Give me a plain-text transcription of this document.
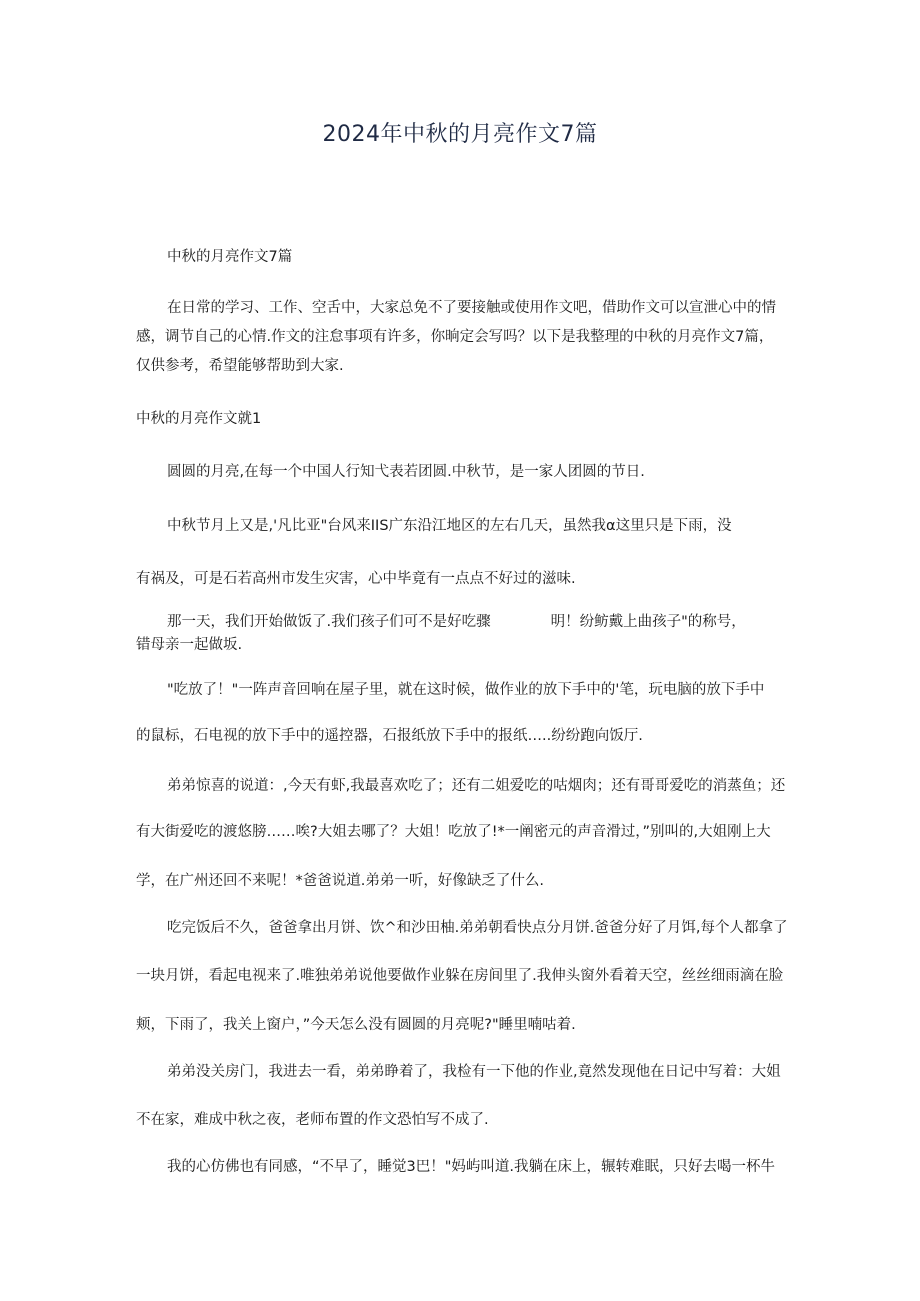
2024年中秋的月亮作文7篇
中秋的月亮作文7篇
在日常的学习、工作、空舌中，大家总免不了要接触或使用作文吧，借助作文可以宣泄心中的情
感，调节自己的心情.作文的注怠事项有许多，你晌定会写吗？以下是我整理的中秋的月亮作文7篇，
仅供参考，希望能够帮助到大家.
中秋的月亮作文就1
圆圆的月亮,在每一个中国人行知弋表若团圆.中秋节，是一家人团圆的节日.
中秋节月上又是,'凡比亚"台风来IIS广东沿江地区的左右几天，虽然我α这里只是下雨，没
有祸及，可是石若高州市发生灾害，心中毕竟有一点点不好过的滋味.
那一天，我们开始做饭了.我们孩子们可不是好吃骤	明！纷鲂戴上曲孩子"的称号，
错母亲一起做坂.
"吃放了！"一阵声音回响在屋子里，就在这时候，做作业的放下手中的'笔，玩电脑的放下手中
的鼠标，石电视的放下手中的遥控器，石报纸放下手中的报纸…..纷纷跑向饭厅.
弟弟惊喜的说道：,今天有虾,我最喜欢吃了；还有二姐爱吃的咕烟肉；还有哥哥爱吃的消蒸鱼；还
有大街爱吃的渡悠膀……唉?大姐去哪了？大姐！吃放了!*一阐密元的声音滑过，”别叫的,大姐刚上大
学，在广州还回不来呢！*爸爸说道.弟弟一听，好像缺乏了什么.
吃完饭后不久，爸爸拿出月饼、饮^和沙田柚.弟弟朝看快点分月饼.爸爸分好了月饵,每个人都拿了
一块月饼，看起电视来了.唯独弟弟说他要做作业躲在房间里了.我伸头窗外看着天空，丝丝细雨滴在脸
颊，下雨了，我关上窗户，”今天怎么没有圆圆的月亮呢?"睡里喃咕着.
弟弟没关房门，我进去一看，弟弟睁着了，我检有一下他的作业,竟然发现他在日记中写着：大姐
不在家，难成中秋之夜，老师布置的作文恐怕写不成了.
我的心仿佛也有同感，“不早了，睡觉3巴！"妈屿叫道.我躺在床上，辗转难眠，只好去喝一杯牛
